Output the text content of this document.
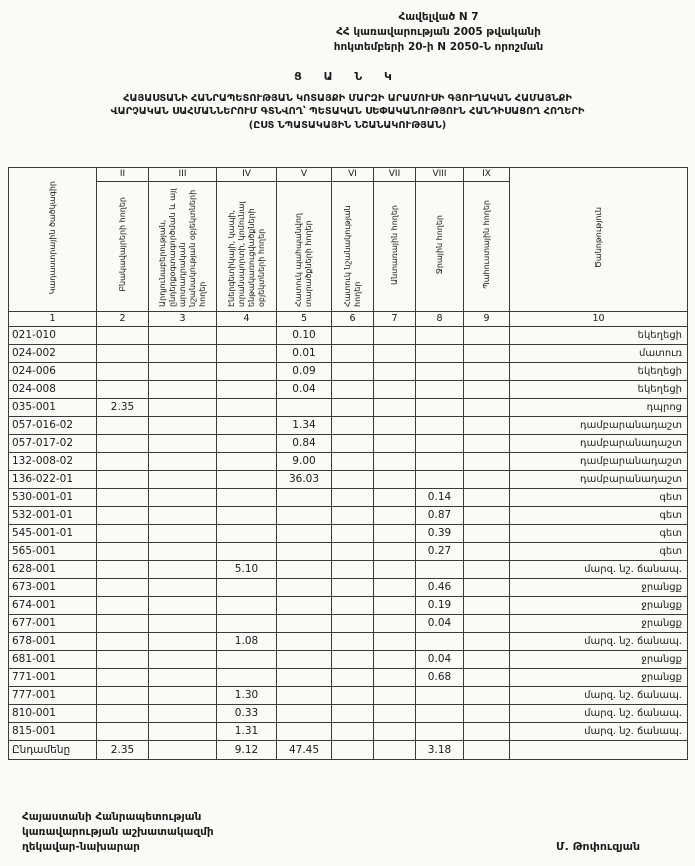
Հավելված N 7
ՀՀ կառավարության 2005 թվականի
հոկտեմբերի 20-ի N 2050-Ն որոշման
Ց Ա Ն Կ
ՀԱՅԱՍՏԱՆԻ ՀԱՆՐԱՊԵՏՈՒԹՅԱՆ ԿՈՏԱՅՔԻ ՄԱՐԶԻ ԱՐԱՄՈՒՍԻ ԳՅՈՒՂԱԿԱՆ ՀԱՄԱՅՆՔԻ
ՎԱՐՉԱԿԱՆ ՍԱՀՄԱՆՆԵՐՈՒՄ ԳՏՆՎՈՂ՝ ՊԵՏԱԿԱՆ ՍԵՓԱԿԱՆՈՒԹՅՈՒՆ ՀԱՆԴԻՍԱՑՈՂ ՀՈՂԵՐԻ
(ԸՍՏ ՆՊԱՏԱԿԱՅԻՆ ՆՇԱՆԱԿՈՒԹՅԱՆ)
Կադաստրային ծածկագիր	II	III	IV	V	VI	VII	VIII	IX	Ծանոթություն
	Բնակավայրերի հողեր	Արդյունաբերության, ընդերքօգտագործման և այլ արտադրական նշանակության օբյեկտների հողեր	Էներգետիկայի, կապի, տրանսպորտի, կոմունալ ենթակառուցվածքների օբյեկտների հողեր	Հատուկ պահպանվող տարածքների հողեր	Հատուկ նշանակության հողեր	Անտառային հողեր	Ջրային հողեր	Պահուստային հողեր	
1	2	3	4	5	6	7	8	9	10
021-010				0.10					եկեղեցի
024-002				0.01					մատուռ
024-006				0.09					եկեղեցի
024-008				0.04					եկեղեցի
035-001	2.35								դպրոց
057-016-02				1.34					դամբարանադաշտ
057-017-02				0.84					դամբարանադաշտ
132-008-02				9.00					դամբարանադաշտ
136-022-01				36.03					դամբարանադաշտ
530-001-01							0.14		գետ
532-001-01							0.87		գետ
545-001-01							0.39		գետ
565-001							0.27		գետ
628-001			5.10						մարզ. նշ. ճանապ.
673-001							0.46		ջրանցք
674-001							0.19		ջրանցք
677-001							0.04		ջրանցք
678-001			1.08						մարզ. նշ. ճանապ.
681-001							0.04		ջրանցք
771-001							0.68		ջրանցք
777-001			1.30						մարզ. նշ. ճանապ.
810-001			0.33						մարզ. նշ. ճանապ.
815-001			1.31						մարզ. նշ. ճանապ.
Ընդամենը	2.35		9.12	47.45			3.18		
Հայաստանի Հանրապետության
կառավարության աշխատակազմի
ղեկավար-նախարար	Մ. Թոփուզյան
